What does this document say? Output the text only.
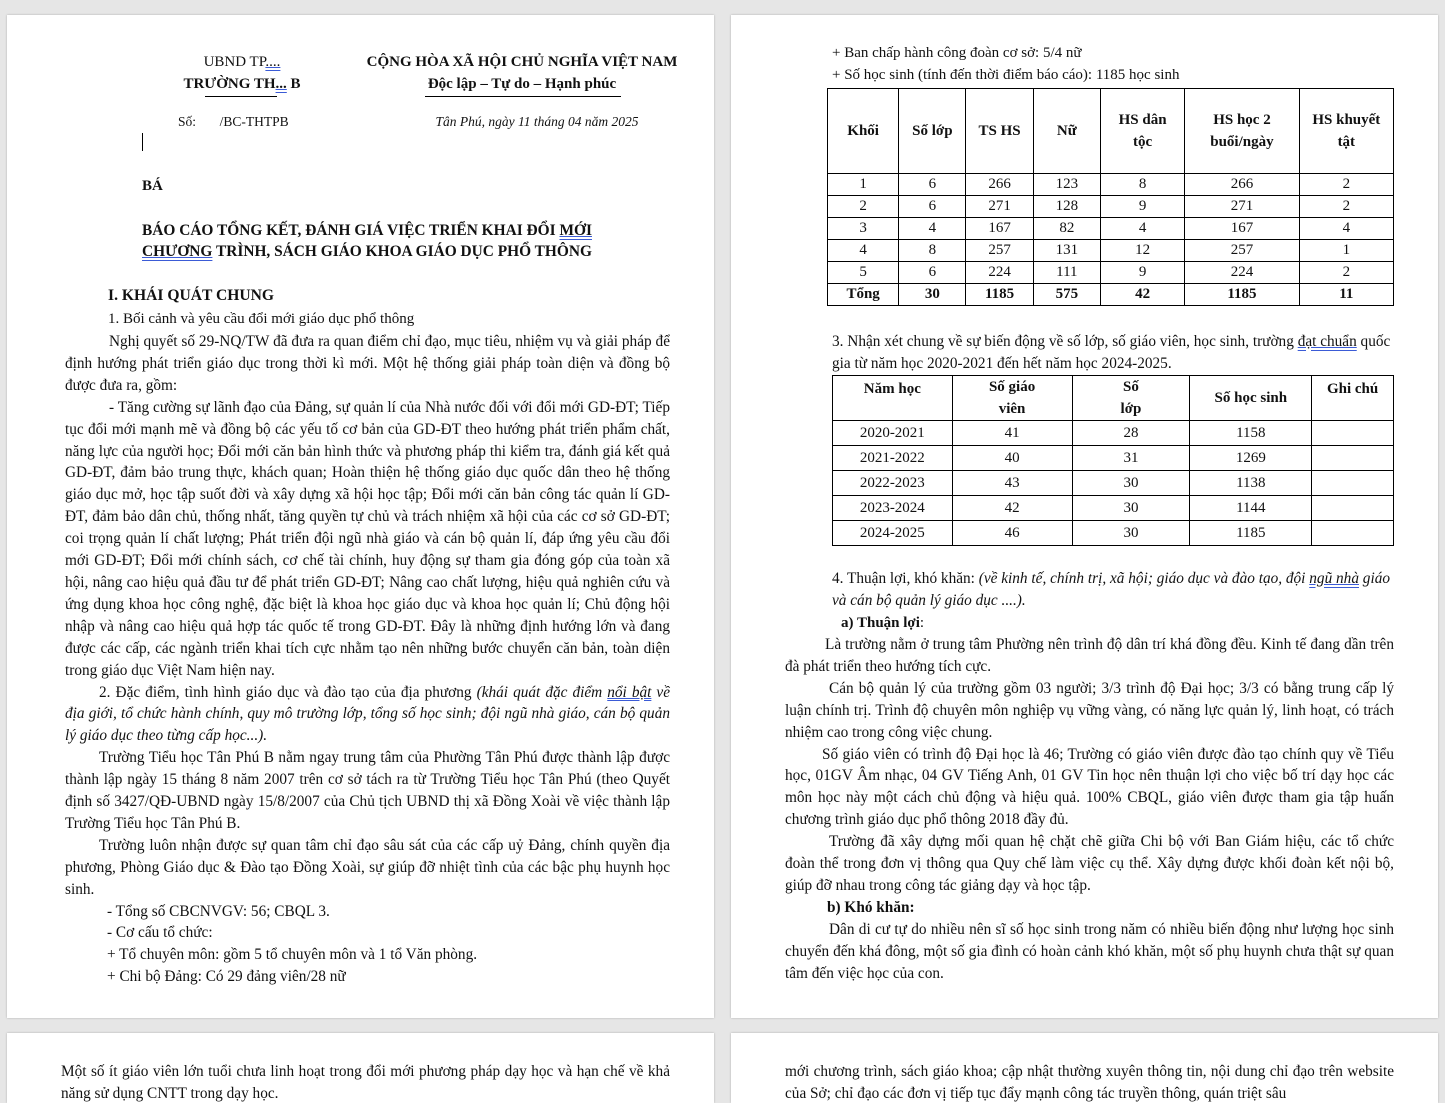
UBND TP....
TRƯỜNG TH... B
CỘNG HÒA XÃ HỘI CHỦ NGHĨA VIỆT NAM
Độc lập – Tự do – Hạnh phúc
Số:       /BC-THTPB	Tân Phú, ngày 11 tháng 04 năm 2025
BÁ
BÁO CÁO TỔNG KẾT, ĐÁNH GIÁ VIỆC TRIỂN KHAI ĐỔI MỚI
CHƯƠNG TRÌNH, SÁCH GIÁO KHOA GIÁO DỤC PHỔ THÔNG
I. KHÁI QUÁT CHUNG
1. Bối cảnh và yêu cầu đổi mới giáo dục phổ thông

Nghị quyết số 29-NQ/TW đã đưa ra quan điểm chỉ đạo, mục tiêu, nhiệm vụ và giải pháp để định hướng phát triển giáo dục trong thời kì mới. Một hệ thống giải pháp toàn diện và đồng bộ được đưa ra, gồm:

- Tăng cường sự lãnh đạo của Đảng, sự quản lí của Nhà nước đối với đổi mới GD-ĐT; Tiếp tục đổi mới mạnh mẽ và đồng bộ các yếu tố cơ bản của GD-ĐT theo hướng phát triển phẩm chất, năng lực của người học; Đổi mới căn bản hình thức và phương pháp thi kiểm tra, đánh giá kết quả GD-ĐT, đảm bảo trung thực, khách quan; Hoàn thiện hệ thống giáo dục quốc dân theo hệ thống giáo dục mở, học tập suốt đời và xây dựng xã hội học tập; Đổi mới căn bản công tác quản lí GD-ĐT, đảm bảo dân chủ, thống nhất, tăng quyền tự chủ và trách nhiệm xã hội của các cơ sở GD-ĐT; coi trọng quản lí chất lượng; Phát triển đội ngũ nhà giáo và cán bộ quản lí, đáp ứng yêu cầu đổi mới GD-ĐT; Đổi mới chính sách, cơ chế tài chính, huy động sự tham gia đóng góp của toàn xã hội, nâng cao hiệu quả đầu tư để phát triển GD-ĐT; Nâng cao chất lượng, hiệu quả nghiên cứu và ứng dụng khoa học công nghệ, đặc biệt là khoa học giáo dục và khoa học quản lí; Chủ động hội nhập và nâng cao hiệu quả hợp tác quốc tế trong GD-ĐT. Đây là những định hướng lớn và đang được các cấp, các ngành triển khai tích cực nhằm tạo nên những bước chuyển căn bản, toàn diện trong giáo dục Việt Nam hiện nay.

2. Đặc điểm, tình hình giáo dục và đào tạo của địa phương (khái quát đặc điểm nổi bật về địa giới, tổ chức hành chính, quy mô trường lớp, tổng số học sinh; đội ngũ nhà giáo, cán bộ quản lý giáo dục theo từng cấp học...).

Trường Tiểu học Tân Phú B nằm ngay trung tâm của Phường Tân Phú được thành lập được thành lập ngày 15 tháng 8 năm 2007 trên cơ sở tách ra từ Trường Tiểu học Tân Phú (theo Quyết định số 3427/QĐ-UBND ngày 15/8/2007 của Chủ tịch UBND thị xã Đồng Xoài về việc thành lập Trường Tiểu học Tân Phú B.

Trường luôn nhận được sự quan tâm chỉ đạo sâu sát của các cấp uỷ Đảng, chính quyền địa phương, Phòng Giáo dục & Đào tạo Đồng Xoài, sự giúp đỡ nhiệt tình của các bậc phụ huynh học sinh.

- Tổng số CBCNVGV: 56; CBQL 3.

- Cơ cấu tổ chức:

+ Tổ chuyên môn: gồm 5 tổ chuyên môn và 1 tổ Văn phòng.

+ Chi bộ Đảng: Có 29 đảng viên/28 nữ

+ Ban chấp hành công đoàn cơ sở: 5/4 nữ
+ Số học sinh (tính đến thời điểm báo cáo): 1185 học sinh
Khối	Số lớp	TS HS	Nữ	HS dân tộc	HS học 2 buổi/ngày	HS khuyết tật
1	6	266	123	8	266	2
2	6	271	128	9	271	2
3	4	167	82	4	167	4
4	8	257	131	12	257	1
5	6	224	111	9	224	2
Tổng	30	1185	575	42	1185	11
3. Nhận xét chung về sự biến động về số lớp, số giáo viên, học sinh, trường đạt chuẩn quốc gia từ năm học 2020-2021 đến hết năm học 2024-2025.
Năm học	Số giáo viên	Số lớp	Số học sinh	Ghi chú
2020-2021	41	28	1158	
2021-2022	40	31	1269	
2022-2023	43	30	1138	
2023-2024	42	30	1144	
2024-2025	46	30	1185	
4. Thuận lợi, khó khăn: (về kinh tế, chính trị, xã hội; giáo dục và đào tạo, đội ngũ nhà giáo và cán bộ quản lý giáo dục ....).
a) Thuận lợi:

Là trường nằm ở trung tâm Phường nên trình độ dân trí khá đồng đều. Kinh tế đang dần trên đà phát triển theo hướng tích cực.

Cán bộ quản lý của trường gồm 03 người; 3/3 trình độ Đại học; 3/3 có bằng trung cấp lý luận chính trị. Trình độ chuyên môn nghiệp vụ vững vàng, có năng lực quản lý, linh hoạt, có trách nhiệm cao trong công việc chung.

Số giáo viên có trình độ Đại học là 46; Trường có giáo viên được đào tạo chính quy về Tiểu học, 01GV Âm nhạc, 04 GV Tiếng Anh, 01 GV Tin học nên thuận lợi cho việc bố trí dạy học các môn học này một cách chủ động và hiệu quả. 100% CBQL, giáo viên được tham gia tập huấn chương trình giáo dục phổ thông 2018 đầy đủ.

Trường đã xây dựng mối quan hệ chặt chẽ giữa Chi bộ với Ban Giám hiệu, các tổ chức đoàn thể trong đơn vị thông qua Quy chế làm việc cụ thể. Xây dựng được khối đoàn kết nội bộ, giúp đỡ nhau trong công tác giảng dạy và học tập.

b) Khó khăn:

Dân di cư tự do nhiều nên sĩ số học sinh trong năm có nhiều biến động như lượng học sinh chuyển đến khá đông, một số gia đình có hoàn cảnh khó khăn, một số phụ huynh chưa thật sự quan tâm đến việc học của con.

Một số ít giáo viên lớn tuổi chưa linh hoạt trong đổi mới phương pháp dạy học và hạn chế về khả năng sử dụng CNTT trong dạy học.
mới chương trình, sách giáo khoa; cập nhật thường xuyên thông tin, nội dung chỉ đạo trên website của Sở; chỉ đạo các đơn vị tiếp tục đẩy mạnh công tác truyền thông, quán triệt sâu
